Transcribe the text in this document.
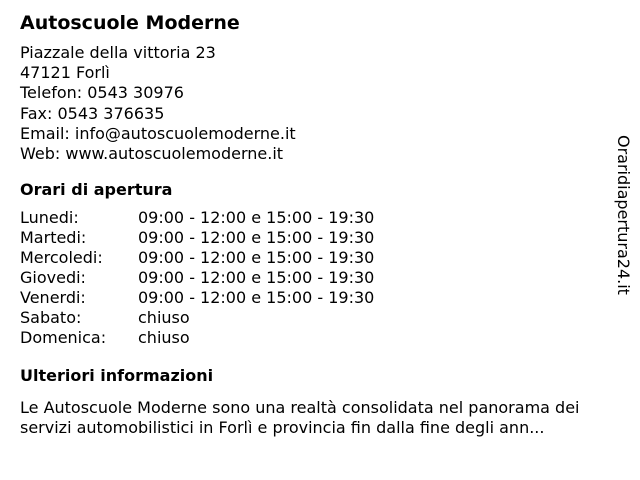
Autoscuole Moderne
Piazzale della vittoria 23
47121 Forlì
Telefon: 0543 30976
Fax: 0543 376635
Email: info@autoscuolemoderne.it
Web: www.autoscuolemoderne.it
Orari di apertura
Lunedi:	09:00 - 12:00 e 15:00 - 19:30
Martedi:	09:00 - 12:00 e 15:00 - 19:30
Mercoledi:	09:00 - 12:00 e 15:00 - 19:30
Giovedi:	09:00 - 12:00 e 15:00 - 19:30
Venerdi:	09:00 - 12:00 e 15:00 - 19:30
Sabato:	chiuso
Domenica:	chiuso
Ulteriori informazioni
Le Autoscuole Moderne sono una realtà consolidata nel panorama dei
servizi automobilistici in Forlì e provincia fin dalla fine degli ann...
Oraridiapertura24.it
